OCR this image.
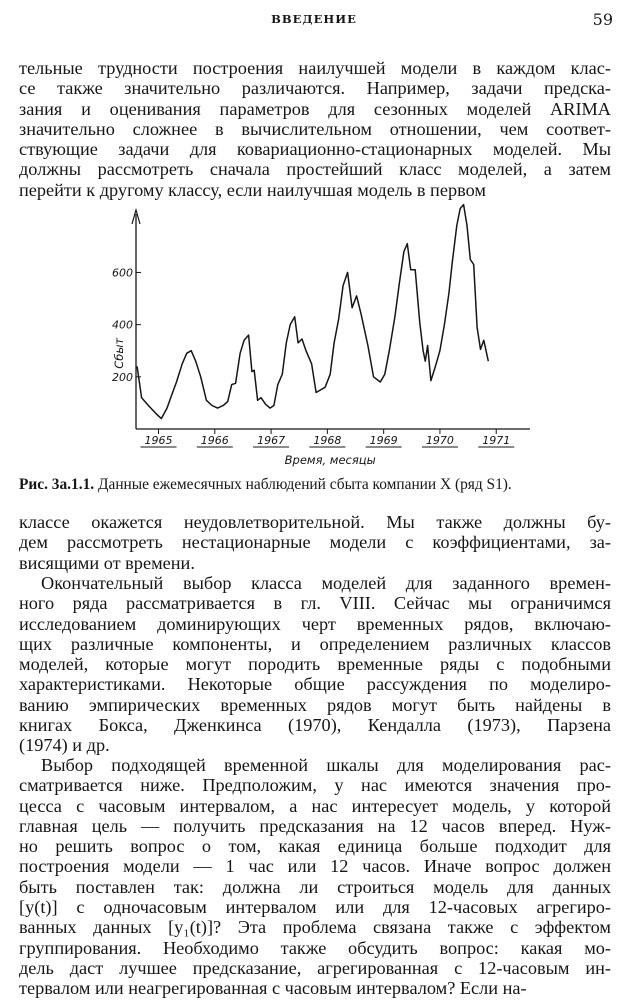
ВВЕДЕНИЕ	59
тельные трудности построения наилучшей модели в каждом клас-
се также значительно различаются. Например, задачи предска-
зания и оценивания параметров для сезонных моделей ARIMA
значительно сложнее в вычислительном отношении, чем соответ-
ствующие задачи для ковариационно-стационарных моделей. Мы
должны рассмотреть сначала простейший класс моделей, а затем
перейти к другому классу, если наилучшая модель в первом
200
400
600
1965	1966	1967	1968	1969	1970	1971
Время, месяцы
Сбыт
Рис. 3а.1.1. Данные ежемесячных наблюдений сбыта компании X (ряд S1).
классе окажется неудовлетворительной. Мы также должны бу-
дем рассмотреть нестационарные модели с коэффициентами, за-
висящими от времени.
Окончательный выбор класса моделей для заданного времен-
ного ряда рассматривается в гл. VIII. Сейчас мы ограничимся
исследованием доминирующих черт временных рядов, включаю-
щих различные компоненты, и определением различных классов
моделей, которые могут породить временные ряды с подобными
характеристиками. Некоторые общие рассуждения по моделиро-
ванию эмпирических временных рядов могут быть найдены в
книгах Бокса, Дженкинса (1970), Кендалла (1973), Парзена
(1974) и др.
Выбор подходящей временной шкалы для моделирования рас-
сматривается ниже. Предположим, у нас имеются значения про-
цесса с часовым интервалом, а нас интересует модель, у которой
главная цель — получить предсказания на 12 часов вперед. Нуж-
но решить вопрос о том, какая единица больше подходит для
построения модели — 1 час или 12 часов. Иначе вопрос должен
быть поставлен так: должна ли строиться модель для данных
[y(t)] с одночасовым интервалом или для 12-часовых агрегиро-
ванных данных [y₁(t)]? Эта проблема связана также с эффектом
группирования. Необходимо также обсудить вопрос: какая мо-
дель даст лучшее предсказание, агрегированная с 12-часовым ин-
тервалом или неагрегированная с часовым интервалом? Если на-
